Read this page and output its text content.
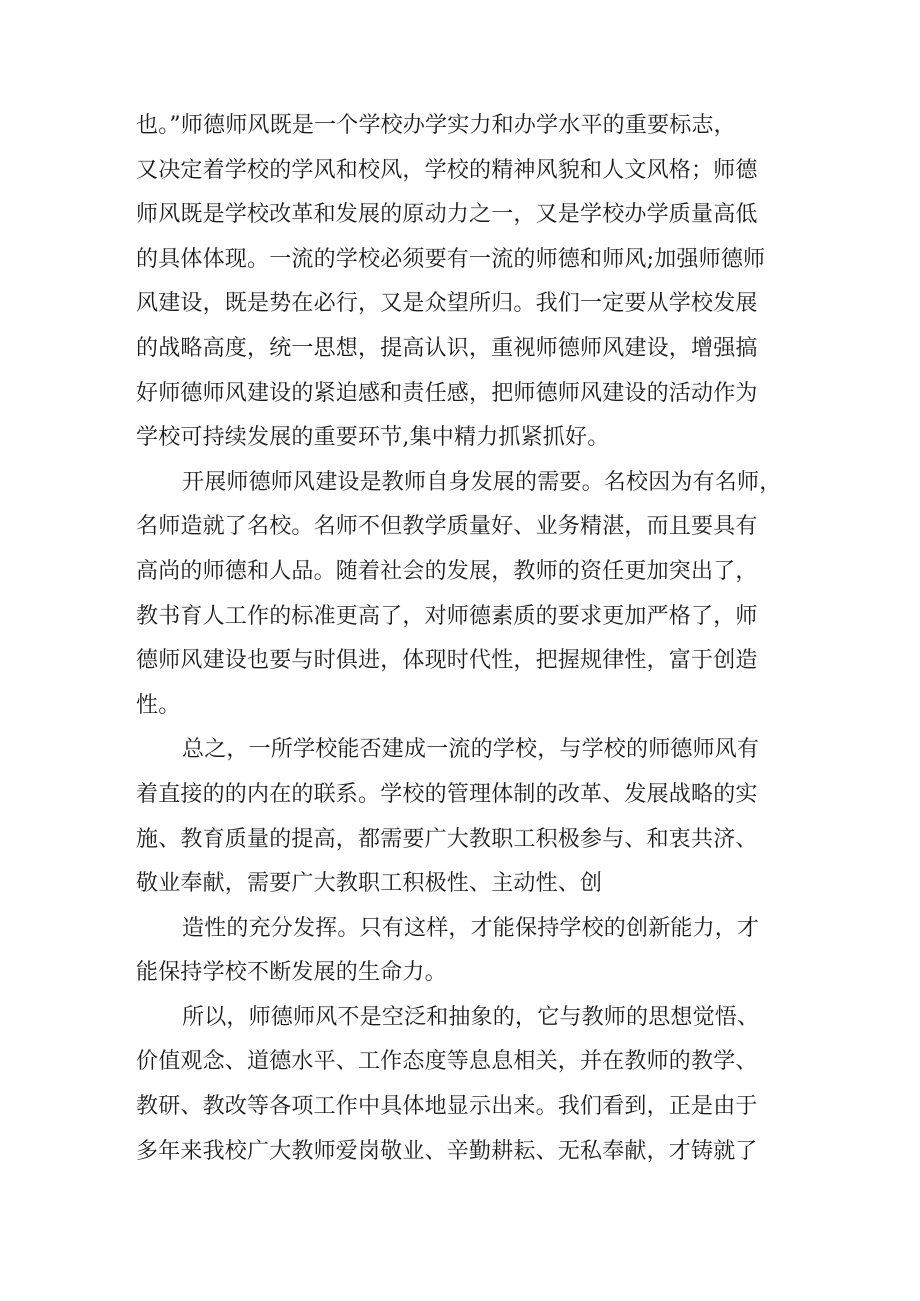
也。”师德师风既是一个学校办学实力和办学水平的重要标志，
又决定着学校的学风和校风，学校的精神风貌和人文风格；师德
师风既是学校改革和发展的原动力之一，又是学校办学质量高低
的具体体现。一流的学校必须要有一流的师德和师风;加强师德师
风建设，既是势在必行，又是众望所归。我们一定要从学校发展
的战略高度，统一思想，提高认识，重视师德师风建设，增强搞
好师德师风建设的紧迫感和责任感，把师德师风建设的活动作为
学校可持续发展的重要环节,集中精力抓紧抓好。
开展师德师风建设是教师自身发展的需要。名校因为有名师，
名师造就了名校。名师不但教学质量好、业务精湛，而且要具有
高尚的师德和人品。随着社会的发展，教师的资任更加突出了，
教书育人工作的标准更高了，对师德素质的要求更加严格了，师
德师风建设也要与时俱进，体现时代性，把握规律性，富于创造
性。
总之，一所学校能否建成一流的学校，与学校的师德师风有
着直接的的内在的联系。学校的管理体制的改革、发展战略的实
施、教育质量的提高，都需要广大教职工积极参与、和衷共济、
敬业奉献，需要广大教职工积极性、主动性、创
造性的充分发挥。只有这样，才能保持学校的创新能力，才
能保持学校不断发展的生命力。
所以，师德师风不是空泛和抽象的，它与教师的思想觉悟、
价值观念、道德水平、工作态度等息息相关，并在教师的教学、
教研、教改等各项工作中具体地显示出来。我们看到，正是由于
多年来我校广大教师爱岗敬业、辛勤耕耘、无私奉献，才铸就了
